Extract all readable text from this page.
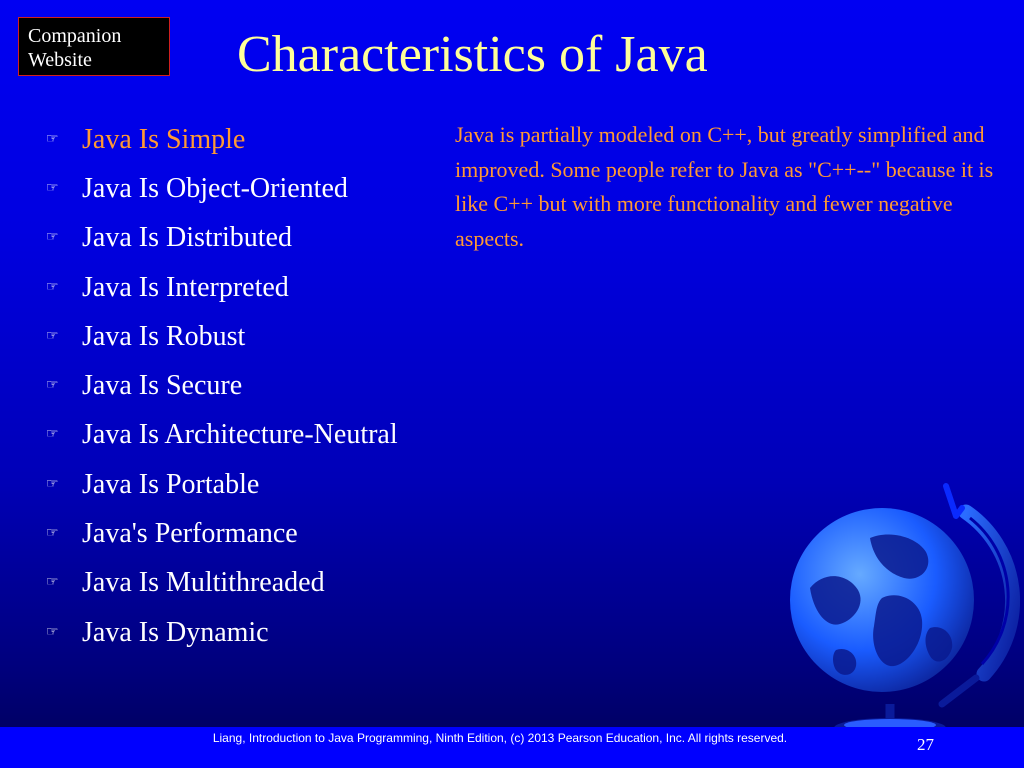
Companion
Website	Characteristics of Java
☞ Java Is Simple
☞ Java Is Object-Oriented
☞ Java Is Distributed
☞ Java Is Interpreted
☞ Java Is Robust
☞ Java Is Secure
☞ Java Is Architecture-Neutral
☞ Java Is Portable
☞ Java's Performance
☞ Java Is Multithreaded
☞ Java Is Dynamic

Java is partially modeled on C++, but greatly simplified and improved. Some people refer to Java as "C++--" because it is like C++ but with more functionality and fewer negative aspects.

Liang, Introduction to Java Programming, Ninth Edition, (c) 2013 Pearson Education, Inc. All rights reserved.	27
